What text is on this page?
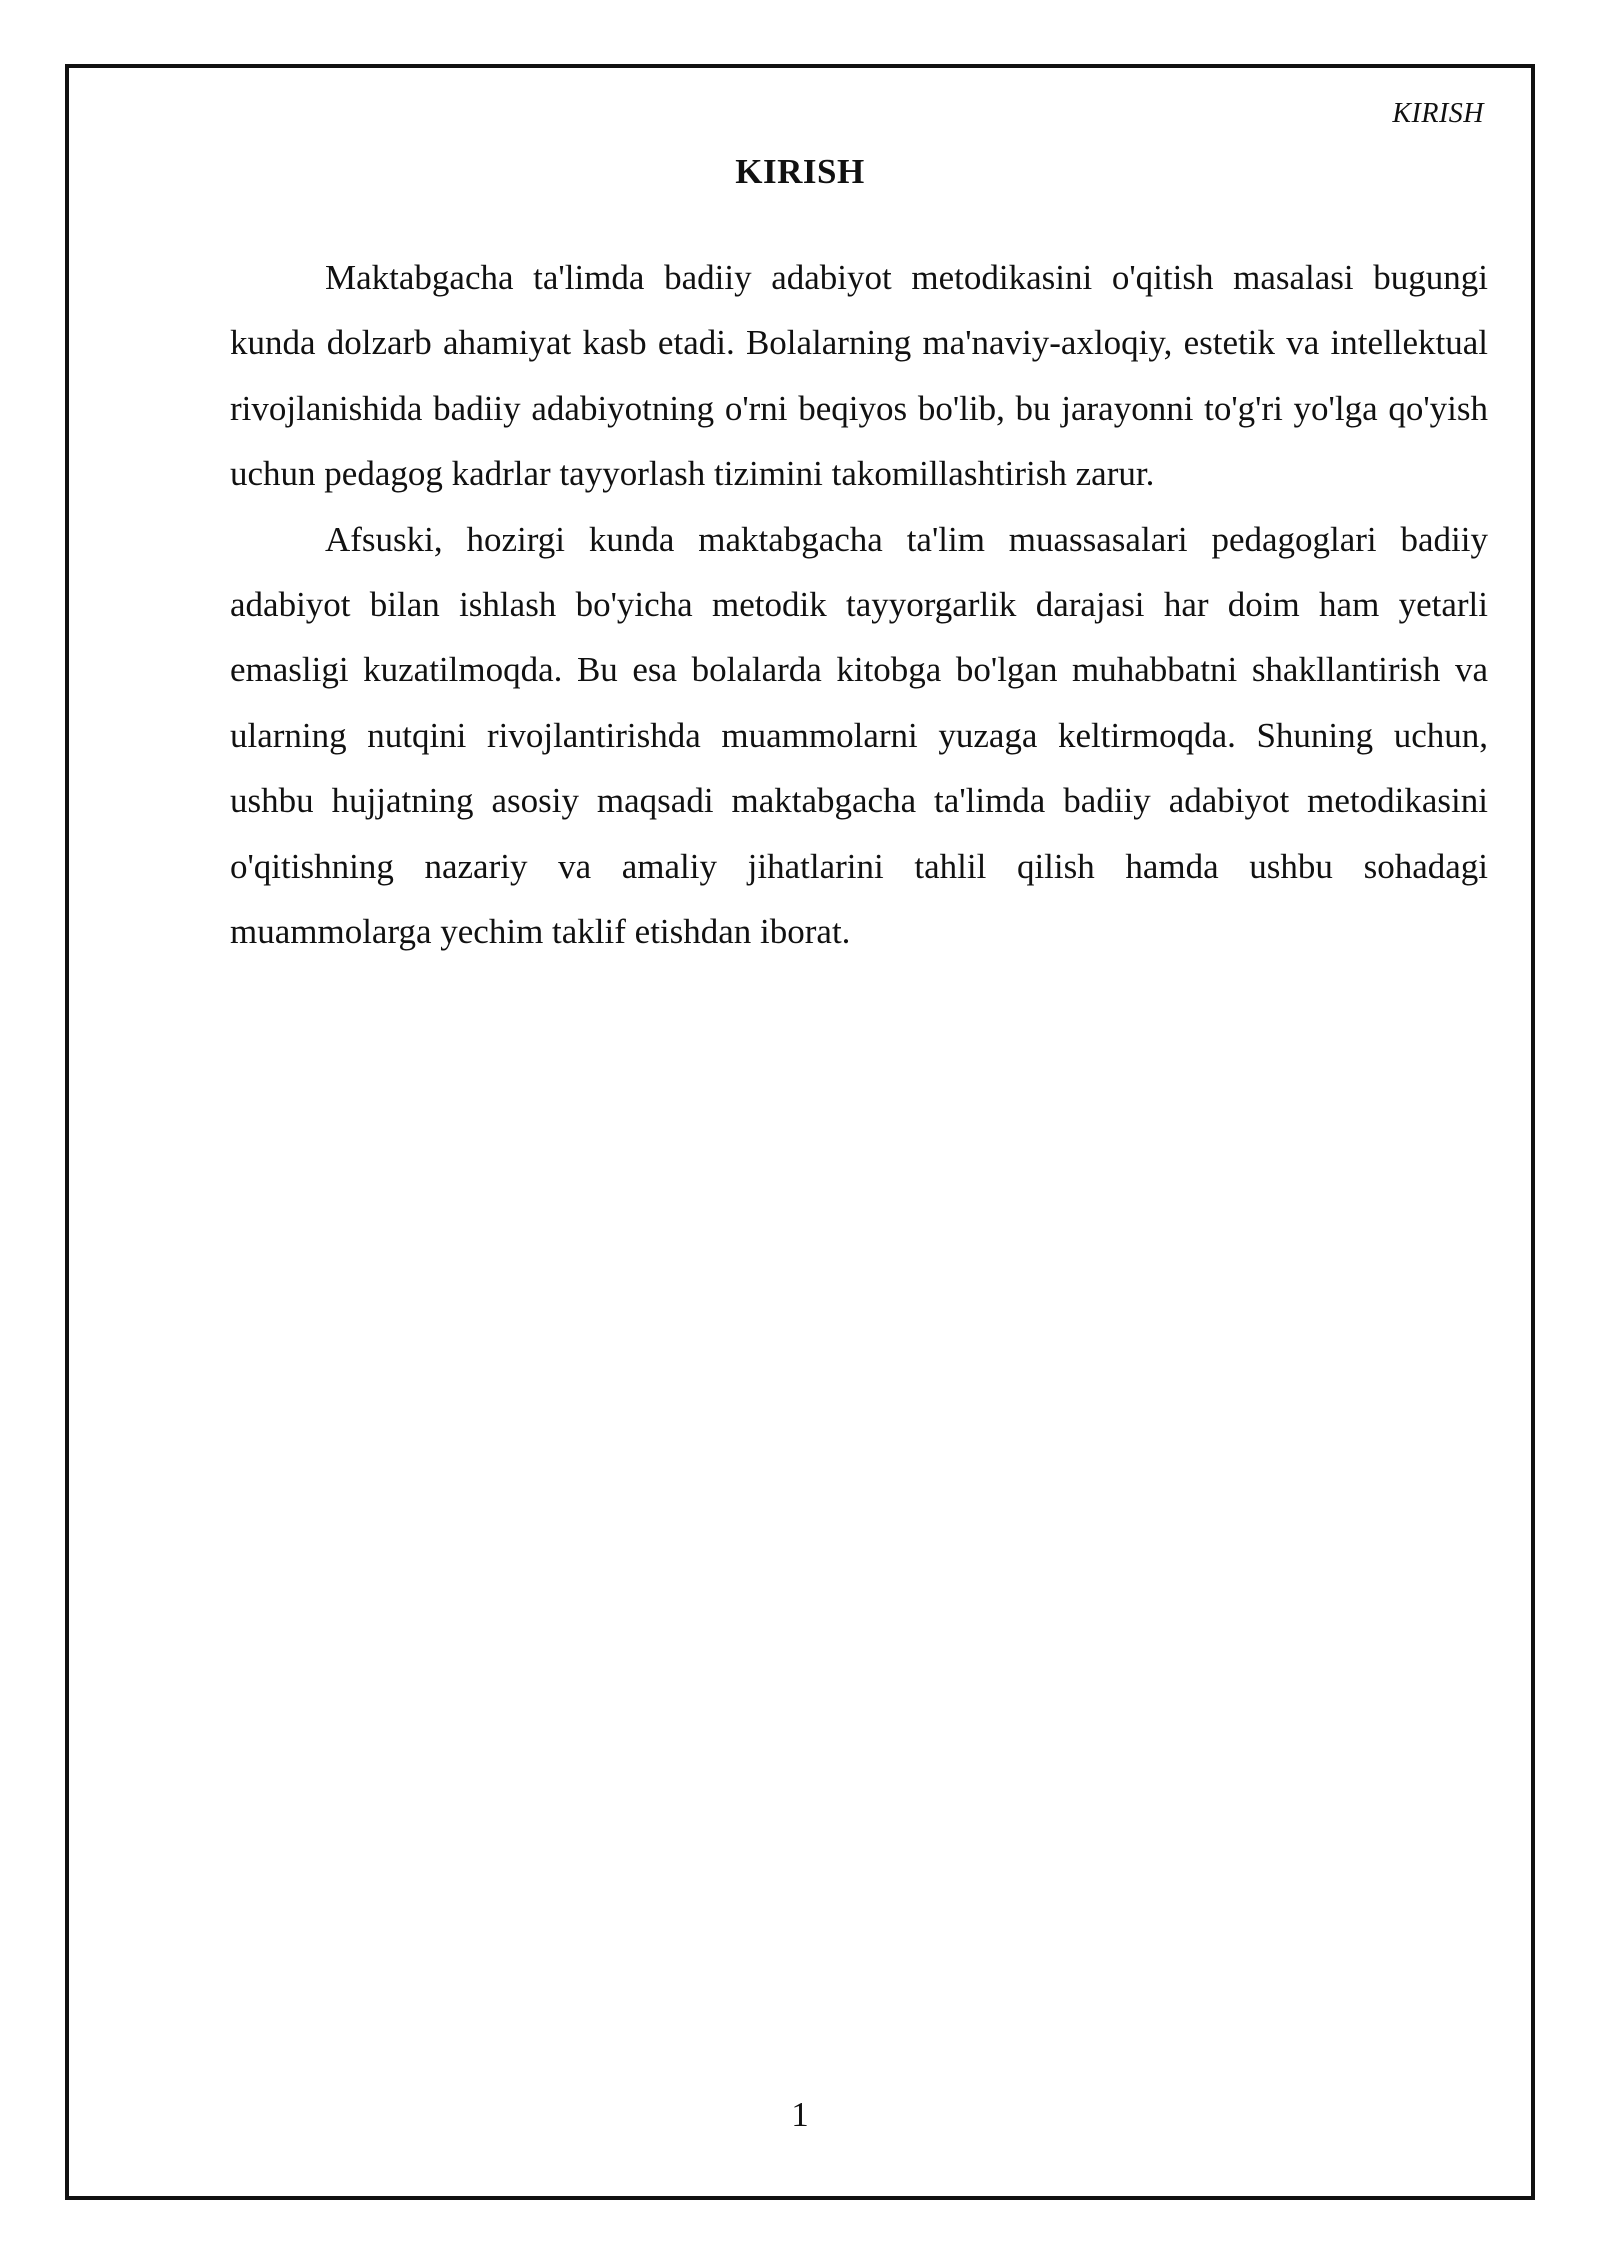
KIRISH
KIRISH

Maktabgacha ta'limda badiiy adabiyot metodikasini o'qitish masalasi bugungi kunda dolzarb ahamiyat kasb etadi. Bolalarning ma'naviy-axloqiy, estetik va intellektual rivojlanishida badiiy adabiyotning o'rni beqiyos bo'lib, bu jarayonni to'g'ri yo'lga qo'yish uchun pedagog kadrlar tayyorlash tizimini takomillashtirish zarur.

Afsuski, hozirgi kunda maktabgacha ta'lim muassasalari pedagoglari badiiy adabiyot bilan ishlash bo'yicha metodik tayyorgarlik darajasi har doim ham yetarli emasligi kuzatilmoqda. Bu esa bolalarda kitobga bo'lgan muhabbatni shakllantirish va ularning nutqini rivojlantirishda muammolarni yuzaga keltirmoqda. Shuning uchun, ushbu hujjatning asosiy maqsadi maktabgacha ta'limda badiiy adabiyot metodikasini o'qitishning nazariy va amaliy jihatlarini tahlil qilish hamda ushbu sohadagi muammolarga yechim taklif etishdan iborat.

1
